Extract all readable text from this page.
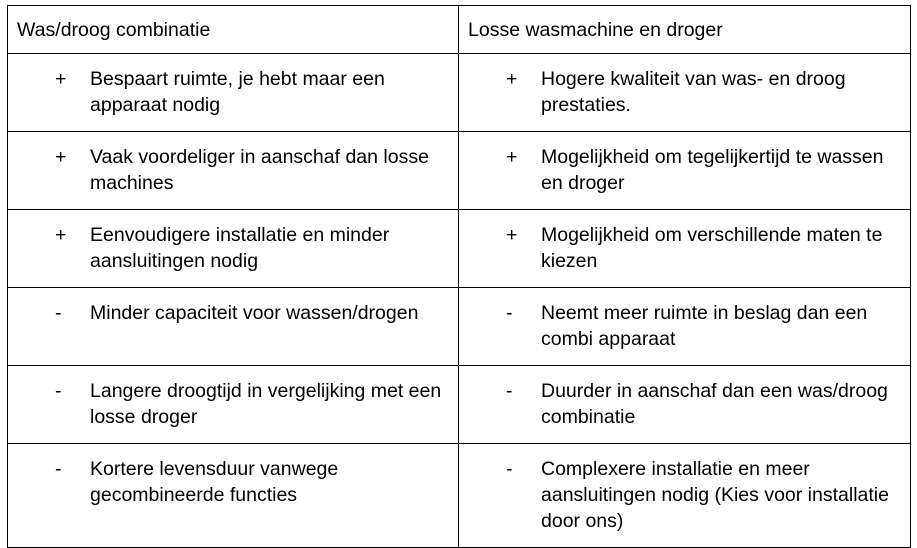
Was/droog combinatie	Losse wasmachine en droger

+ Bespaart ruimte, je hebt maar een apparaat nodig	+ Hogere kwaliteit van was- en droog prestaties.

+ Vaak voordeliger in aanschaf dan losse machines	+ Mogelijkheid om tegelijkertijd te wassen en droger

+ Eenvoudigere installatie en minder aansluitingen nodig	+ Mogelijkheid om verschillende maten te kiezen

- Minder capaciteit voor wassen/drogen	- Neemt meer ruimte in beslag dan een combi apparaat

- Langere droogtijd in vergelijking met een losse droger	- Duurder in aanschaf dan een was/droog combinatie

- Kortere levensduur vanwege gecombineerde functies	- Complexere installatie en meer aansluitingen nodig (Kies voor installatie door ons)
